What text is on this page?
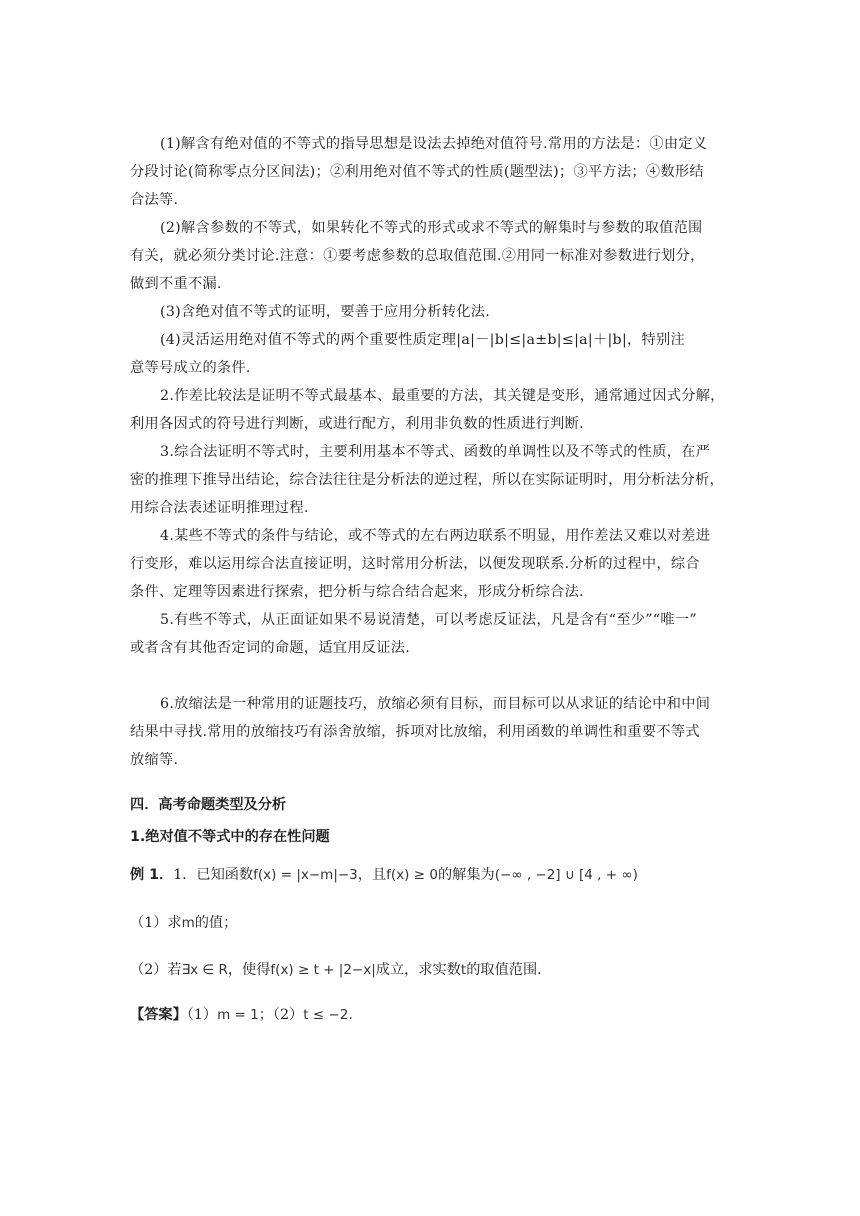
(1)解含有绝对值的不等式的指导思想是设法去掉绝对值符号.常用的方法是：①由定义
分段讨论(简称零点分区间法)；②利用绝对值不等式的性质(题型法)；③平方法；④数形结
合法等.
(2)解含参数的不等式，如果转化不等式的形式或求不等式的解集时与参数的取值范围
有关，就必须分类讨论.注意：①要考虑参数的总取值范围.②用同一标准对参数进行划分，
做到不重不漏.
(3)含绝对值不等式的证明，要善于应用分析转化法.
(4)灵活运用绝对值不等式的两个重要性质定理|a|－|b|≤|a±b|≤|a|＋|b|，特别注
意等号成立的条件.
2.作差比较法是证明不等式最基本、最重要的方法，其关键是变形，通常通过因式分解，
利用各因式的符号进行判断，或进行配方，利用非负数的性质进行判断.
3.综合法证明不等式时，主要利用基本不等式、函数的单调性以及不等式的性质，在严
密的推理下推导出结论，综合法往往是分析法的逆过程，所以在实际证明时，用分析法分析，
用综合法表述证明推理过程.
4.某些不等式的条件与结论，或不等式的左右两边联系不明显，用作差法又难以对差进
行变形，难以运用综合法直接证明，这时常用分析法，以便发现联系.分析的过程中，综合
条件、定理等因素进行探索，把分析与综合结合起来，形成分析综合法.
5.有些不等式，从正面证如果不易说清楚，可以考虑反证法，凡是含有“至少”“唯一”
或者含有其他否定词的命题，适宜用反证法.
6.放缩法是一种常用的证题技巧，放缩必须有目标，而目标可以从求证的结论中和中间
结果中寻找.常用的放缩技巧有添舍放缩，拆项对比放缩，利用函数的单调性和重要不等式
放缩等.
四．高考命题类型及分析
1.绝对值不等式中的存在性问题
例 1．1．已知函数f(x) = |x−m|−3，且f(x) ≥ 0的解集为(−∞ , −2] ∪ [4 , + ∞)
（1）求m的值；
（2）若∃x ∈ R，使得f(x) ≥ t + |2−x|成立，求实数t的取值范围.
【答案】（1）m = 1；（2）t ≤ −2.
